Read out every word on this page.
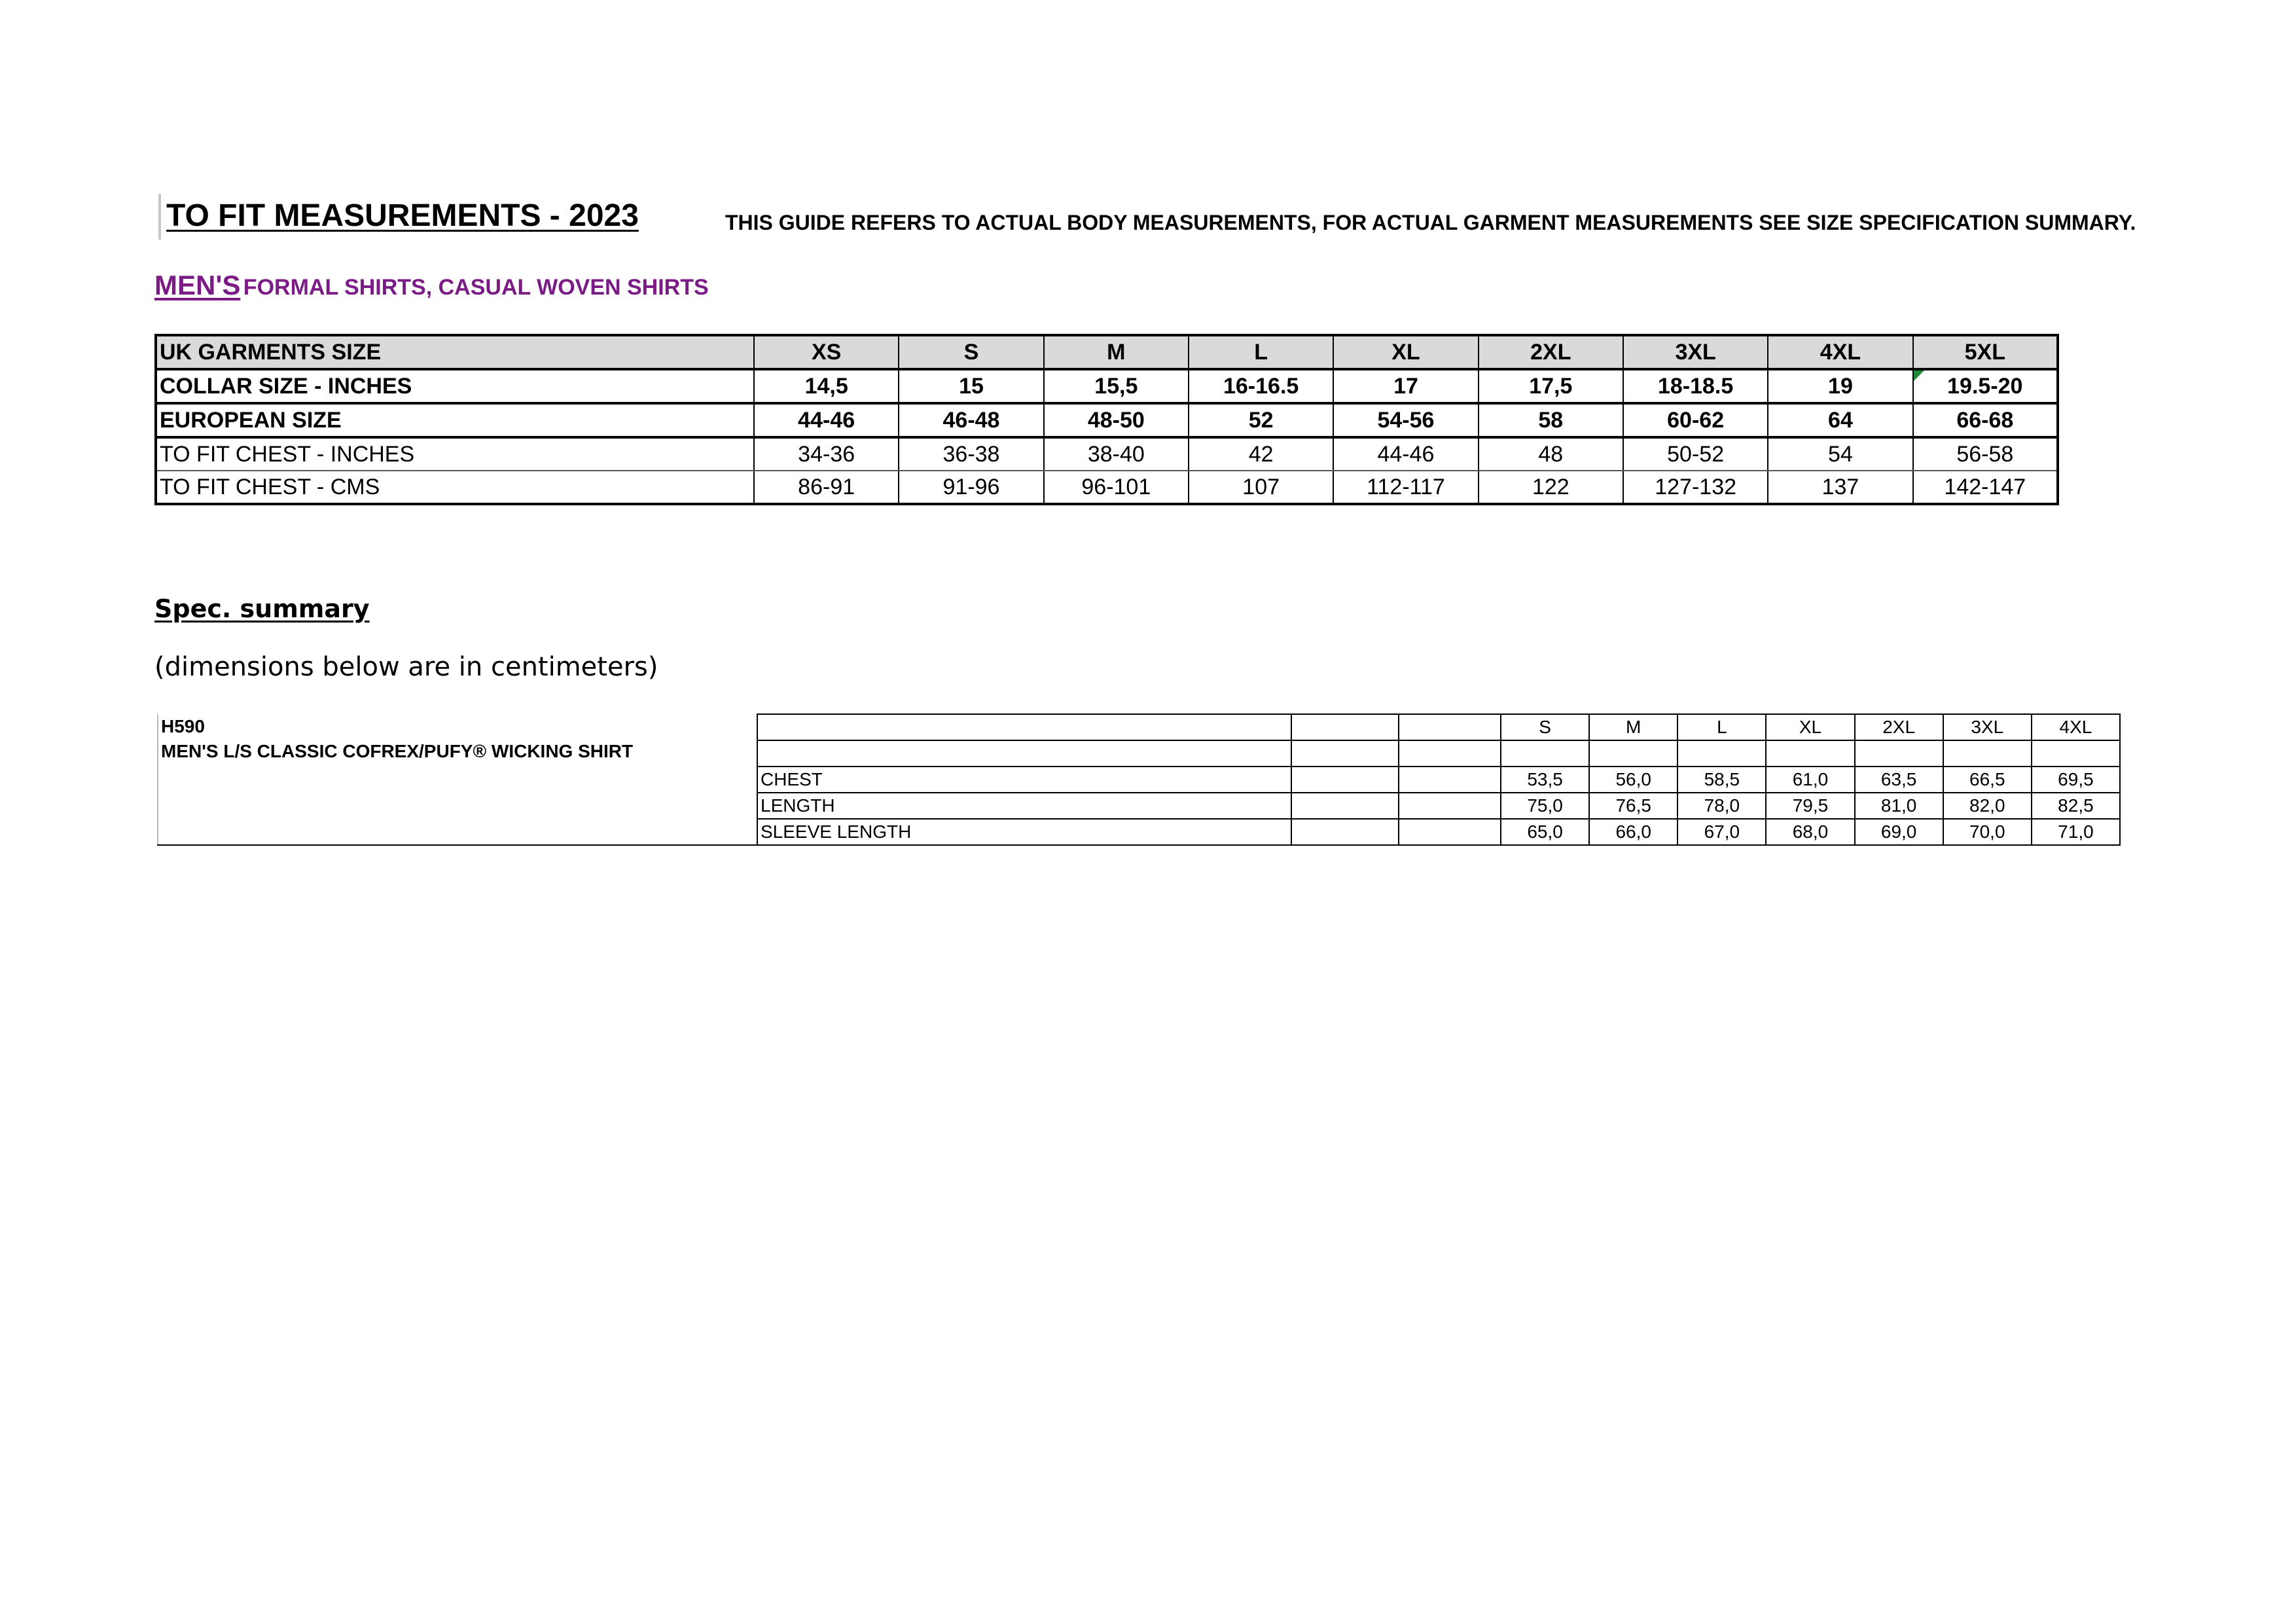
TO FIT MEASUREMENTS - 2023	THIS GUIDE REFERS TO ACTUAL BODY MEASUREMENTS, FOR ACTUAL GARMENT MEASUREMENTS SEE SIZE SPECIFICATION SUMMARY.
MEN'S FORMAL SHIRTS, CASUAL WOVEN SHIRTS
UK GARMENTS SIZE	XS	S	M	L	XL	2XL	3XL	4XL	5XL
COLLAR SIZE - INCHES	14,5	15	15,5	16-16.5	17	17,5	18-18.5	19	19.5-20
EUROPEAN SIZE	44-46	46-48	48-50	52	54-56	58	60-62	64	66-68
TO FIT CHEST - INCHES	34-36	36-38	38-40	42	44-46	48	50-52	54	56-58
TO FIT CHEST - CMS	86-91	91-96	96-101	107	112-117	122	127-132	137	142-147
Spec. summary
(dimensions below are in centimeters)
H590
MEN'S L/S CLASSIC COFREX/PUFY® WICKING SHIRT				S	M	L	XL	2XL	3XL	4XL

	CHEST			53,5	56,0	58,5	61,0	63,5	66,5	69,5
	LENGTH			75,0	76,5	78,0	79,5	81,0	82,0	82,5
	SLEEVE LENGTH			65,0	66,0	67,0	68,0	69,0	70,0	71,0
